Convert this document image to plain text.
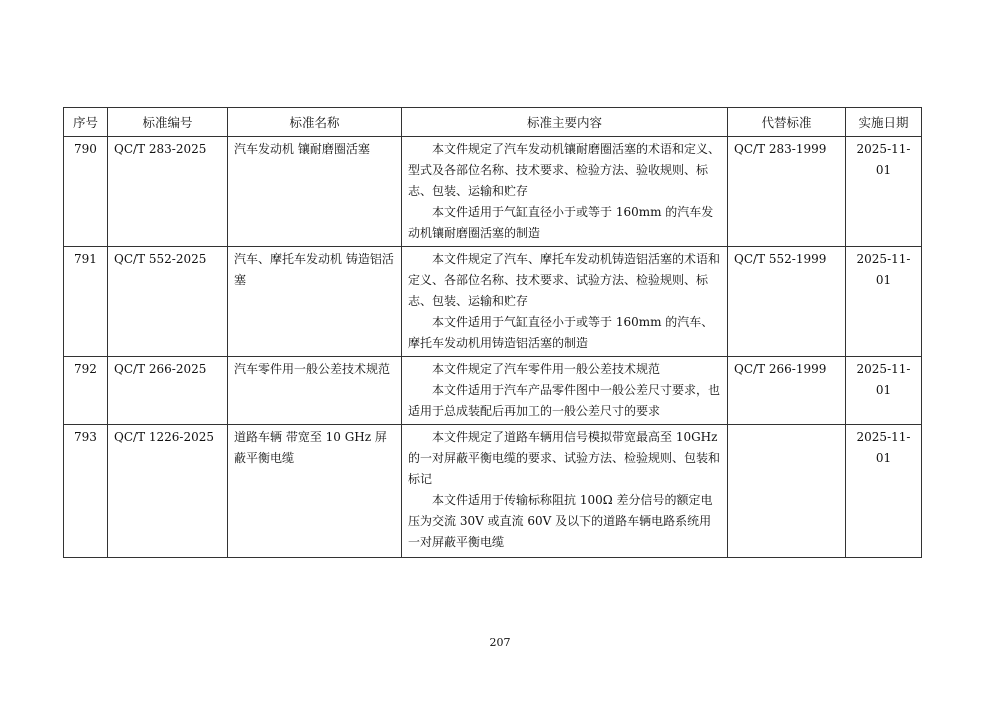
序号	标准编号	标准名称	标准主要内容	代替标准	实施日期
790	QC/T 283-2025	汽车发动机 镶耐磨圈活塞	本文件规定了汽车发动机镶耐磨圈活塞的术语和定义、型式及各部位名称、技术要求、检验方法、验收规则、标志、包装、运输和贮存
本文件适用于气缸直径小于或等于 160mm 的汽车发动机镶耐磨圈活塞的制造	QC/T 283-1999	2025-11-01
791	QC/T 552-2025	汽车、摩托车发动机 铸造铝活塞	本文件规定了汽车、摩托车发动机铸造铝活塞的术语和定义、各部位名称、技术要求、试验方法、检验规则、标志、包装、运输和贮存
本文件适用于气缸直径小于或等于 160mm 的汽车、摩托车发动机用铸造铝活塞的制造	QC/T 552-1999	2025-11-01
792	QC/T 266-2025	汽车零件用一般公差技术规范	本文件规定了汽车零件用一般公差技术规范
本文件适用于汽车产品零件图中一般公差尺寸要求，也适用于总成装配后再加工的一般公差尺寸的要求	QC/T 266-1999	2025-11-01
793	QC/T 1226-2025	道路车辆 带宽至 10 GHz 屏蔽平衡电缆	本文件规定了道路车辆用信号模拟带宽最高至 10GHz 的一对屏蔽平衡电缆的要求、试验方法、检验规则、包装和标记
本文件适用于传输标称阻抗 100Ω 差分信号的额定电压为交流 30V 或直流 60V 及以下的道路车辆电路系统用一对屏蔽平衡电缆		2025-11-01
207
